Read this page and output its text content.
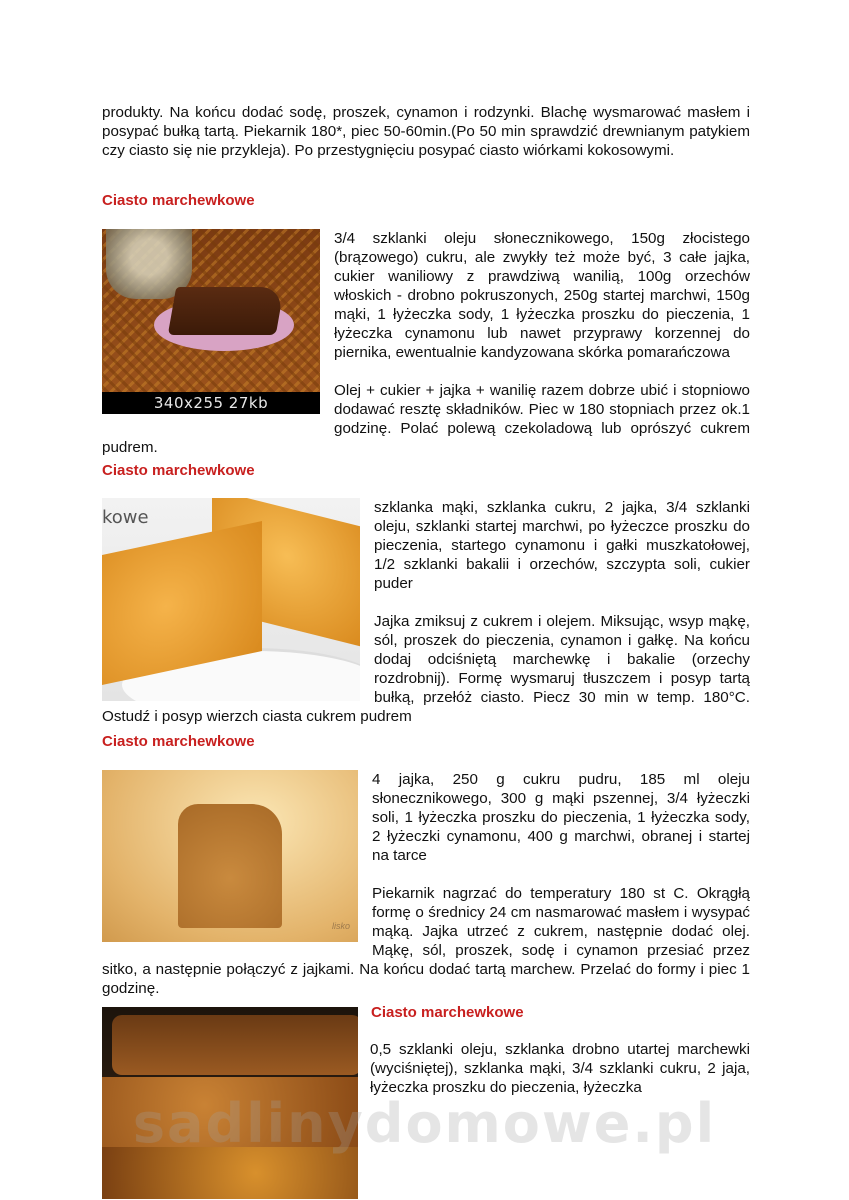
produkty. Na końcu dodać sodę, proszek, cynamon i rodzynki. Blachę wysmarować masłem i posypać bułką tartą. Piekarnik 180*, piec 50-60min.(Po 50 min sprawdzić drewnianym patykiem czy ciasto się nie przykleja). Po przestygnięciu posypać ciasto wiórkami kokosowymi.

Ciasto marchewkowe
340x255 27kb
3/4 szklanki oleju słonecznikowego, 150g złocistego (brązowego) cukru, ale zwykły też może być, 3 całe jajka, cukier waniliowy z prawdziwą wanilią, 100g orzechów włoskich - drobno pokruszonych, 250g startej marchwi, 150g mąki, 1 łyżeczka sody, 1 łyżeczka proszku do pieczenia, 1 łyżeczka cynamonu lub nawet przyprawy korzennej do piernika, ewentualnie kandyzowana skórka pomarańczowa
Olej + cukier + jajka + wanilię razem dobrze ubić i stopniowo dodawać resztę składników. Piec w 180 stopniach przez ok.1 godzinę. Polać polewą czekoladową lub oprószyć cukrem pudrem.
Ciasto marchewkowe
kowe	szklanka mąki, szklanka cukru, 2 jajka, 3/4 szklanki oleju, szklanki startej marchwi, po łyżeczce proszku do pieczenia, startego cynamonu i gałki muszkatołowej, 1/2 szklanki bakalii i orzechów, szczypta soli, cukier puder
Jajka zmiksuj z cukrem i olejem. Miksując, wsyp mąkę, sól, proszek do pieczenia, cynamon i gałkę. Na końcu dodaj odciśniętą marchewkę i bakalie (orzechy rozdrobnij). Formę wysmaruj tłuszczem i posyp tartą bułką, przełóż ciasto. Piecz 30 min w temp. 180°C. Ostudź i posyp wierzch ciasta cukrem pudrem
Ciasto marchewkowe
lisko
4 jajka, 250 g cukru pudru, 185 ml oleju słonecznikowego, 300 g mąki pszennej, 3/4 łyżeczki soli, 1 łyżeczka proszku do pieczenia, 1 łyżeczka sody, 2 łyżeczki cynamonu, 400 g marchwi, obranej i startej na tarce
Piekarnik nagrzać do temperatury 180 st C. Okrągłą formę o średnicy 24 cm nasmarować masłem i wysypać mąką. Jajka utrzeć z cukrem, następnie dodać olej. Mąkę, sól, proszek, sodę i cynamon przesiać przez sitko, a następnie połączyć z jajkami. Na końcu dodać tartą marchew. Przelać do formy i piec 1 godzinę.
Ciasto marchewkowe

0,5 szklanki oleju, szklanka drobno utartej marchewki (wyciśniętej), szklanka mąki, 3/4 szklanki cukru, 2 jaja, łyżeczka proszku do pieczenia, łyżeczka

sadlinydomowe.pl
